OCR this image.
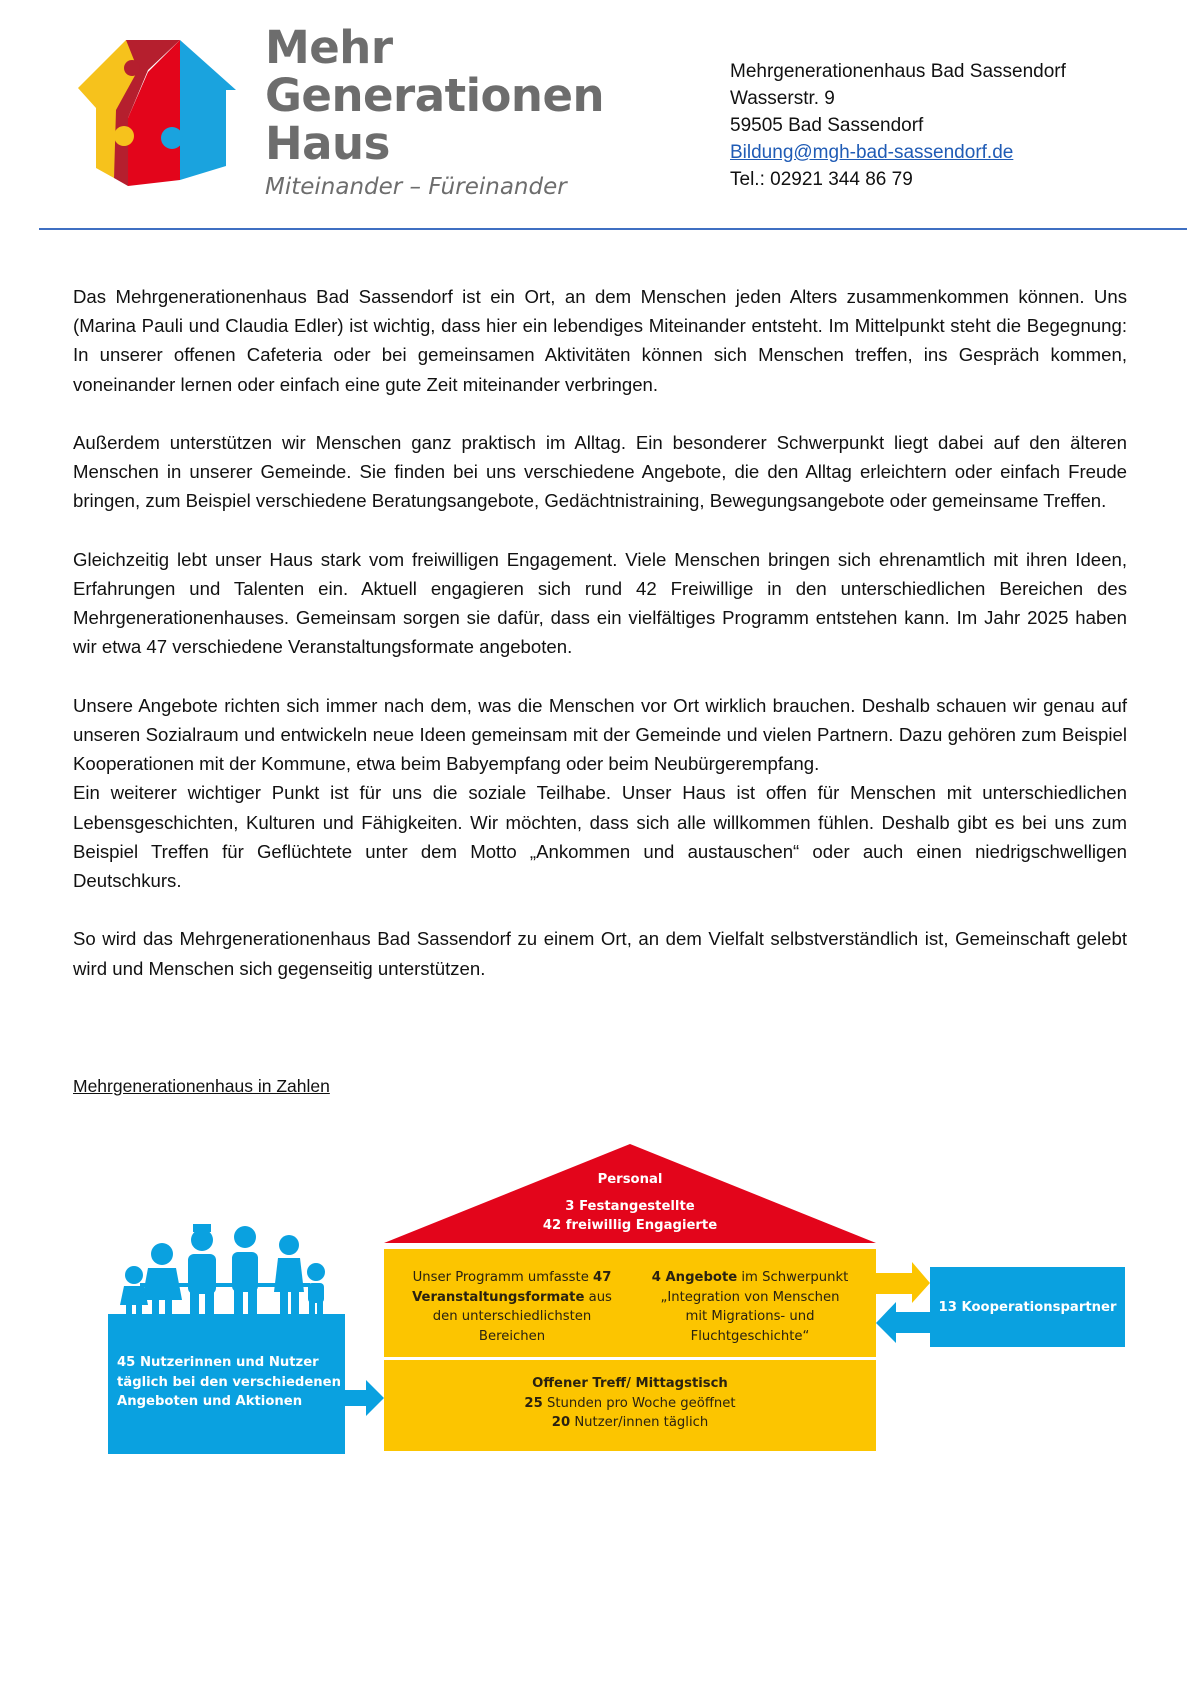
Mehr
Generationen
Haus
Miteinander – Füreinander
Mehrgenerationenhaus Bad Sassendorf
Wasserstr. 9
59505 Bad Sassendorf
Bildung@mgh-bad-sassendorf.de
Tel.: 02921 344 86 79

Das Mehrgenerationenhaus Bad Sassendorf ist ein Ort, an dem Menschen jeden Alters zusammenkommen können. Uns (Marina Pauli und Claudia Edler) ist wichtig, dass hier ein lebendiges Miteinander entsteht. Im Mittelpunkt steht die Begegnung: In unserer offenen Cafeteria oder bei gemeinsamen Aktivitäten können sich Menschen treffen, ins Gespräch kommen, voneinander lernen oder einfach eine gute Zeit miteinander verbringen.

Außerdem unterstützen wir Menschen ganz praktisch im Alltag. Ein besonderer Schwerpunkt liegt dabei auf den älteren Menschen in unserer Gemeinde. Sie finden bei uns verschiedene Angebote, die den Alltag erleichtern oder einfach Freude bringen, zum Beispiel verschiedene Beratungsangebote, Gedächtnistraining, Bewegungsangebote oder gemeinsame Treffen.

Gleichzeitig lebt unser Haus stark vom freiwilligen Engagement. Viele Menschen bringen sich ehrenamtlich mit ihren Ideen, Erfahrungen und Talenten ein. Aktuell engagieren sich rund 42 Freiwillige in den unterschiedlichen Bereichen des Mehrgenerationenhauses. Gemeinsam sorgen sie dafür, dass ein vielfältiges Programm entstehen kann. Im Jahr 2025 haben wir etwa 47 verschiedene Veranstaltungsformate angeboten.

Unsere Angebote richten sich immer nach dem, was die Menschen vor Ort wirklich brauchen. Deshalb schauen wir genau auf unseren Sozialraum und entwickeln neue Ideen gemeinsam mit der Gemeinde und vielen Partnern. Dazu gehören zum Beispiel Kooperationen mit der Kommune, etwa beim Babyempfang oder beim Neubürgerempfang.

Ein weiterer wichtiger Punkt ist für uns die soziale Teilhabe. Unser Haus ist offen für Menschen mit unterschiedlichen Lebensgeschichten, Kulturen und Fähigkeiten. Wir möchten, dass sich alle willkommen fühlen. Deshalb gibt es bei uns zum Beispiel Treffen für Geflüchtete unter dem Motto „Ankommen und austauschen“ oder auch einen niedrigschwelligen Deutschkurs.

So wird das Mehrgenerationenhaus Bad Sassendorf zu einem Ort, an dem Vielfalt selbstverständlich ist, Gemeinschaft gelebt wird und Menschen sich gegenseitig unterstützen.

Mehrgenerationenhaus in Zahlen
Personal
3 Festangestellte
42 freiwillig Engagierte
Unser Programm umfasste 47
Veranstaltungsformate aus
den unterschiedlichsten
Bereichen
4 Angebote im Schwerpunkt
„Integration von Menschen
mit Migrations- und
Fluchtgeschichte“
Offener Treff/ Mittagstisch
25 Stunden pro Woche geöffnet
20 Nutzer/innen täglich
45 Nutzerinnen und Nutzer
täglich bei den verschiedenen
Angeboten und Aktionen
13 Kooperationspartner
